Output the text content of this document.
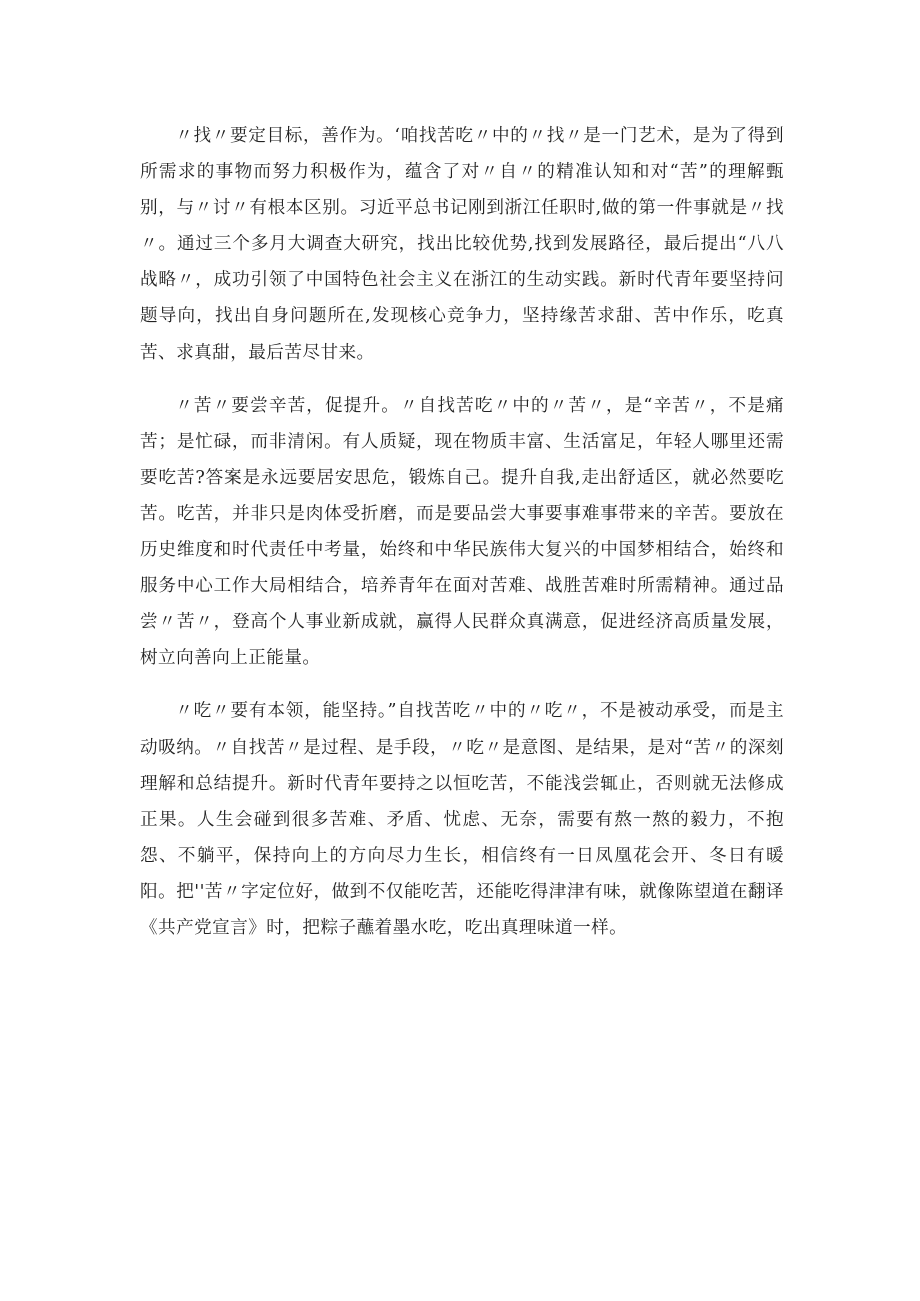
〃找〃要定目标，善作为。‘咱找苦吃〃中的〃找〃是一门艺术，是为了得到所需求的事物而努力积极作为，蕴含了对〃自〃的精准认知和对“苦”的理解甄别，与〃讨〃有根本区别。习近平总书记刚到浙江任职时,做的第一件事就是〃找〃。通过三个多月大调查大研究，找出比较优势,找到发展路径，最后提出“八八战略〃，成功引领了中国特色社会主义在浙江的生动实践。新时代青年要坚持问题导向，找出自身问题所在,发现核心竞争力，坚持缘苦求甜、苦中作乐，吃真苦、求真甜，最后苦尽甘来。

〃苦〃要尝辛苦，促提升。〃自找苦吃〃中的〃苦〃，是“辛苦〃，不是痛苦；是忙碌，而非清闲。有人质疑，现在物质丰富、生活富足，年轻人哪里还需要吃苦?答案是永远要居安思危，锻炼自己。提升自我,走出舒适区，就必然要吃苦。吃苦，并非只是肉体受折磨，而是要品尝大事要事难事带来的辛苦。要放在历史维度和时代责任中考量，始终和中华民族伟大复兴的中国梦相结合，始终和服务中心工作大局相结合，培养青年在面对苦难、战胜苦难时所需精神。通过品尝〃苦〃，登高个人事业新成就，赢得人民群众真满意，促进经济高质量发展，树立向善向上正能量。

〃吃〃要有本领，能坚持。”自找苦吃〃中的〃吃〃，不是被动承受，而是主动吸纳。〃自找苦〃是过程、是手段，〃吃〃是意图、是结果，是对“苦〃的深刻理解和总结提升。新时代青年要持之以恒吃苦，不能浅尝辄止，否则就无法修成正果。人生会碰到很多苦难、矛盾、忧虑、无奈，需要有熬一熬的毅力，不抱怨、不躺平，保持向上的方向尽力生长，相信终有一日凤凰花会开、冬日有暖阳。把''苦〃字定位好，做到不仅能吃苦，还能吃得津津有味，就像陈望道在翻译《共产党宣言》时，把粽子蘸着墨水吃，吃出真理味道一样。
